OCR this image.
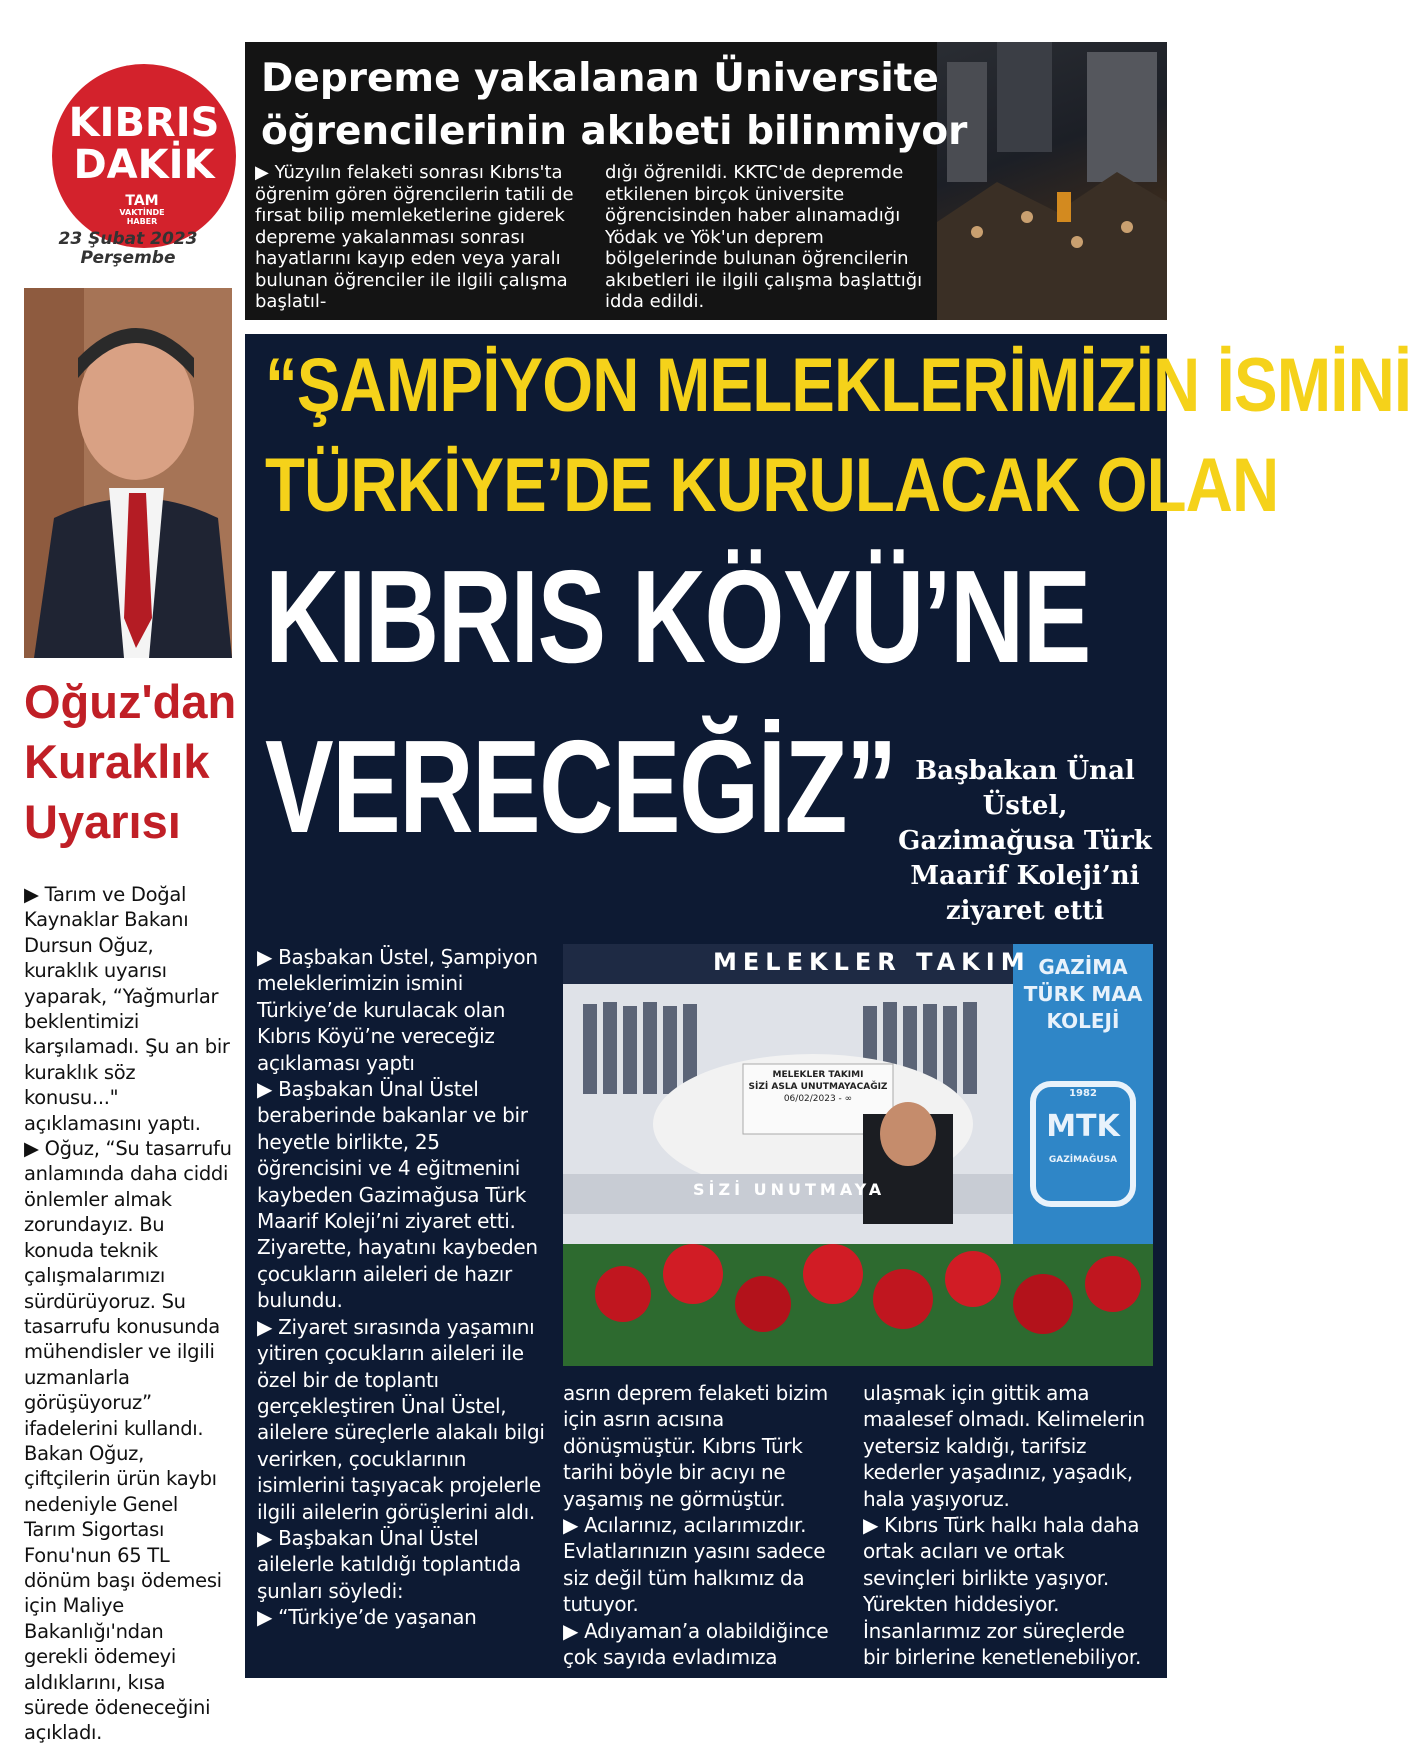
KIBRIS
DAKİK
TAM
VAKTİNDE
HABER
23 Şubat 2023
Perşembe
Depreme yakalanan Üniversite
öğrencilerinin akıbeti bilinmiyor
▶ Yüzyılın felaketi sonrası Kıbrıs'ta öğrenim gören öğrencilerin tatili de fırsat bilip memleketlerine giderek depreme yakalanması sonrası hayatlarını kayıp eden veya yaralı bulunan öğrenciler ile ilgili çalışma başlatıl-
dığı öğrenildi. KKTC'de depremde etkilenen birçok üniversite öğrencisinden haber alınamadığı Yödak ve Yök'un deprem bölgelerinde bulunan öğrencilerin akıbetleri ile ilgili çalışma başlattığı idda edildi.
Oğuz'dan
Kuraklık
Uyarısı

▶ Tarım ve Doğal Kaynaklar Bakanı Dursun Oğuz, kuraklık uyarısı yaparak, “Yağmurlar beklentimizi karşılamadı. Şu an bir kuraklık söz konusu..." açıklamasını yaptı.

▶ Oğuz, “Su tasarrufu anlamında daha ciddi önlemler almak zorundayız. Bu konuda teknik çalışmalarımızı sürdürüyoruz. Su tasarrufu konusunda mühendisler ve ilgili uzmanlarla görüşüyoruz” ifadelerini kullandı.

Bakan Oğuz, çiftçilerin ürün kaybı nedeniyle Genel Tarım Sigortası Fonu'nun 65 TL dönüm başı ödemesi için Maliye Bakanlığı'ndan gerekli ödemeyi aldıklarını, kısa sürede ödeneceğini açıkladı.

“ŞAMPİYON MELEKLERİMİZİN İSMİNİ
TÜRKİYE’DE KURULACAK OLAN
KIBRIS KÖYÜ’NE
VERECEĞİZ” Başbakan Ünal Üstel, Gazimağusa Türk Maarif Koleji’ni ziyaret etti

▶ Başbakan Üstel, Şampiyon meleklerimizin ismini Türkiye’de kurulacak olan Kıbrıs Köyü’ne vereceğiz açıklaması yaptı

▶ Başbakan Ünal Üstel beraberinde bakanlar ve bir heyetle birlikte, 25 öğrencisini ve 4 eğitmenini kaybeden Gazimağusa Türk Maarif Koleji’ni ziyaret etti. Ziyarette, hayatını kaybeden çocukların aileleri de hazır bulundu.

▶ Ziyaret sırasında yaşamını yitiren çocukların aileleri ile özel bir de toplantı gerçekleştiren Ünal Üstel, ailelere süreçlerle alakalı bilgi verirken, çocuklarının isimlerini taşıyacak projelerle ilgili ailelerin görüşlerini aldı.

▶ Başbakan Ünal Üstel ailelerle katıldığı toplantıda şunları söyledi:

▶ “Türkiye’de yaşanan

MELEKLER TAKIM
MELEKLER TAKIMI
SİZİ ASLA UNUTMAYACAĞIZ
06/02/2023 - ∞
SİZİ UNUTMAYA
GAZİMA
TÜRK MAA
KOLEJİ
1982
MTK
GAZİMAĞUSA

asrın deprem felaketi bizim için asrın acısına dönüşmüştür. Kıbrıs Türk tarihi böyle bir acıyı ne yaşamış ne görmüştür.

▶ Acılarınız, acılarımızdır. Evlatlarınızın yasını sadece siz değil tüm halkımız da tutuyor.

▶ Adıyaman’a olabildiğince çok sayıda evladımıza

ulaşmak için gittik ama maalesef olmadı. Kelimelerin yetersiz kaldığı, tarifsiz kederler yaşadınız, yaşadık, hala yaşıyoruz.

▶ Kıbrıs Türk halkı hala daha ortak acıları ve ortak sevinçleri birlikte yaşıyor. Yürekten hiddesiyor. İnsanlarımız zor süreçlerde bir birlerine kenetlenebiliyor.
